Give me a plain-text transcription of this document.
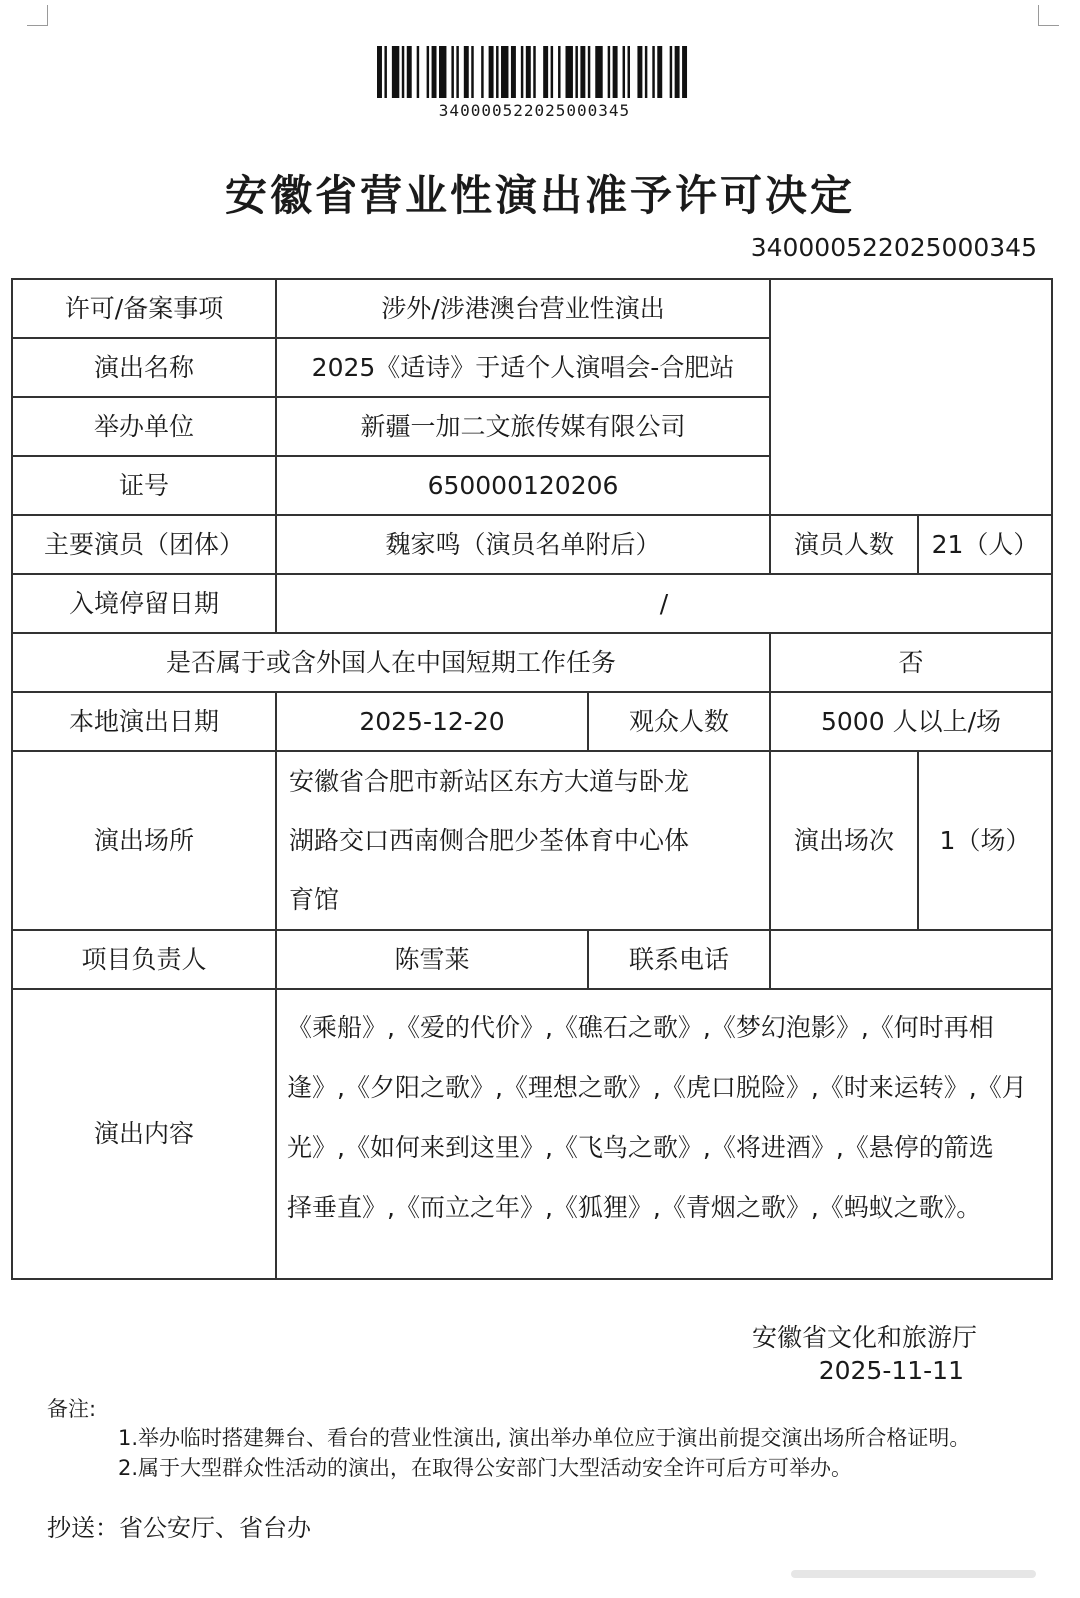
340000522025000345
安徽省营业性演出准予许可决定
340000522025000345
许可/备案事项	涉外/涉港澳台营业性演出			
演出名称	2025《适诗》于适个人演唱会-合肥站			
举办单位	新疆一加二文旅传媒有限公司			
证号	650000120206			
主要演员（团体）	魏家鸣（演员名单附后）		演员人数	21（人）
入境停留日期	/			
是否属于或含外国人在中国短期工作任务			否	
本地演出日期	2025-12-20	观众人数	5000 人以上/场	
演出场所	安徽省合肥市新站区东方大道与卧龙
湖路交口西南侧合肥少荃体育中心体
育馆		演出场次	1（场）
项目负责人	陈雪莱	联系电话		
演出内容	《乘船》,《爱的代价》,《礁石之歌》,《梦幻泡影》,《何时再相
逢》,《夕阳之歌》,《理想之歌》,《虎口脱险》,《时来运转》,《月
光》,《如何来到这里》,《飞鸟之歌》,《将进酒》,《悬停的箭选
择垂直》,《而立之年》,《狐狸》,《青烟之歌》,《蚂蚁之歌》。			
安徽省文化和旅游厅
2025-11-11
备注:
1.举办临时搭建舞台、看台的营业性演出, 演出举办单位应于演出前提交演出场所合格证明。
2.属于大型群众性活动的演出，在取得公安部门大型活动安全许可后方可举办。
抄送：省公安厅、省台办
